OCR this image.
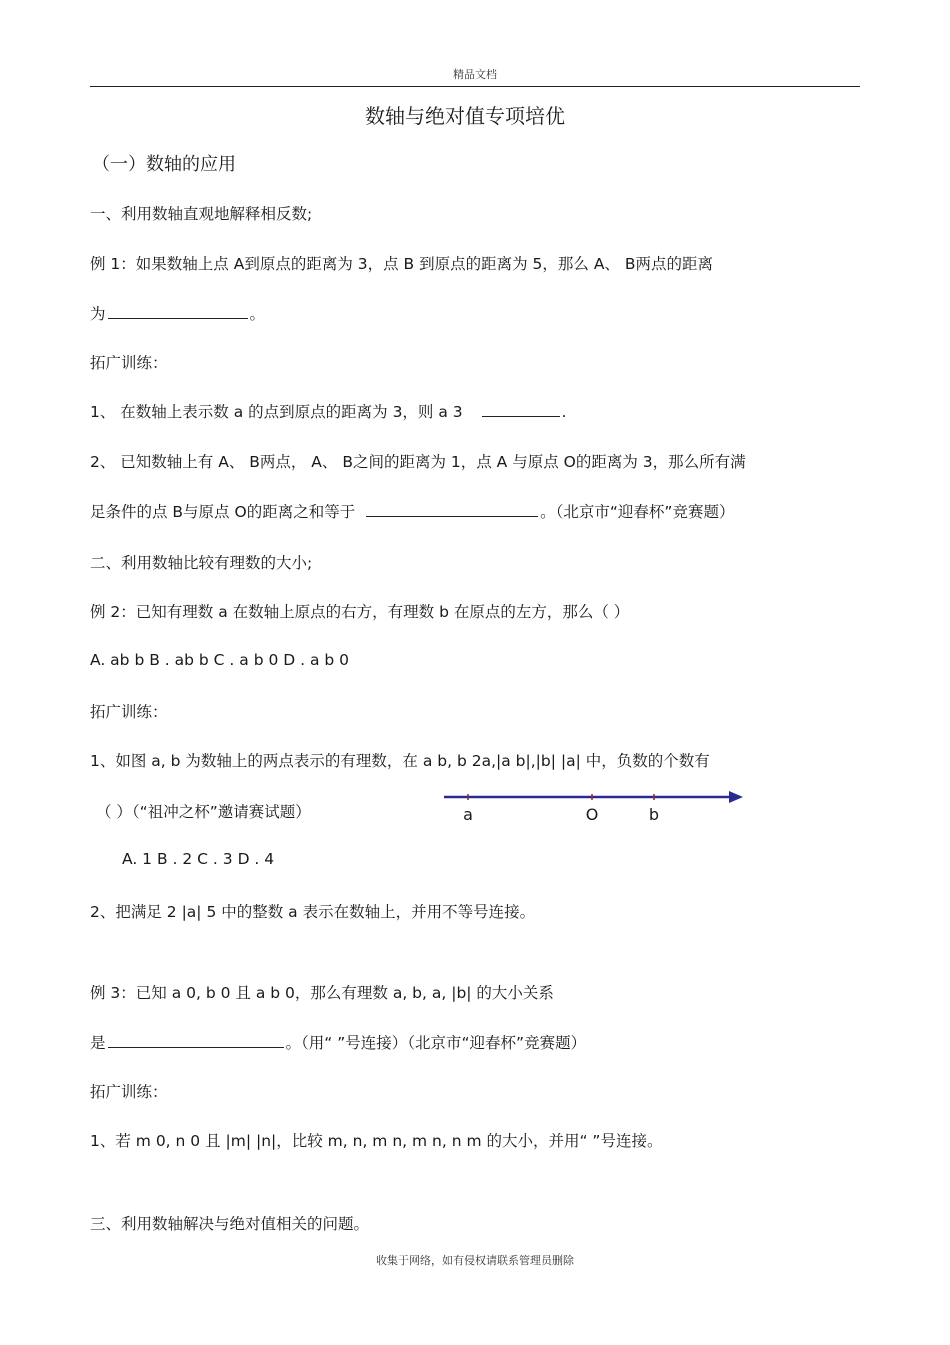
精品文档
数轴与绝对值专项培优
（一）数轴的应用
一、利用数轴直观地解释相反数;
例 1：如果数轴上点 A到原点的距离为 3，点 B 到原点的距离为 5，那么 A、 B两点的距离
为	。
拓广训练：
1、 在数轴上表示数 a 的点到原点的距离为 3，则 a 3	.
2、 已知数轴上有 A、 B两点， A、 B之间的距离为 1，点 A 与原点 O的距离为 3，那么所有满
足条件的点 B与原点 O的距离之和等于	。（北京市“迎春杯”竞赛题）
二、利用数轴比较有理数的大小;
例 2：已知有理数 a 在数轴上原点的右方，有理数 b 在原点的左方，那么（ ）
A. ab b B . ab b C . a b 0 D . a b 0
拓广训练：
1、如图 a, b 为数轴上的两点表示的有理数，在 a b, b 2a,|a b|,|b| |a| 中，负数的个数有
（ ）（“祖冲之杯”邀请赛试题）	a	O	b
A. 1 B . 2 C . 3 D . 4
2、把满足 2 |a| 5 中的整数 a 表示在数轴上，并用不等号连接。
例 3：已知 a 0, b 0 且 a b 0，那么有理数 a, b, a, |b| 的大小关系
是	。（用“ ”号连接）（北京市“迎春杯”竞赛题）
拓广训练：
1、若 m 0, n 0 且 |m| |n|，比较 m, n, m n, m n, n m 的大小，并用“ ”号连接。
三、利用数轴解决与绝对值相关的问题。
收集于网络，如有侵权请联系管理员删除
